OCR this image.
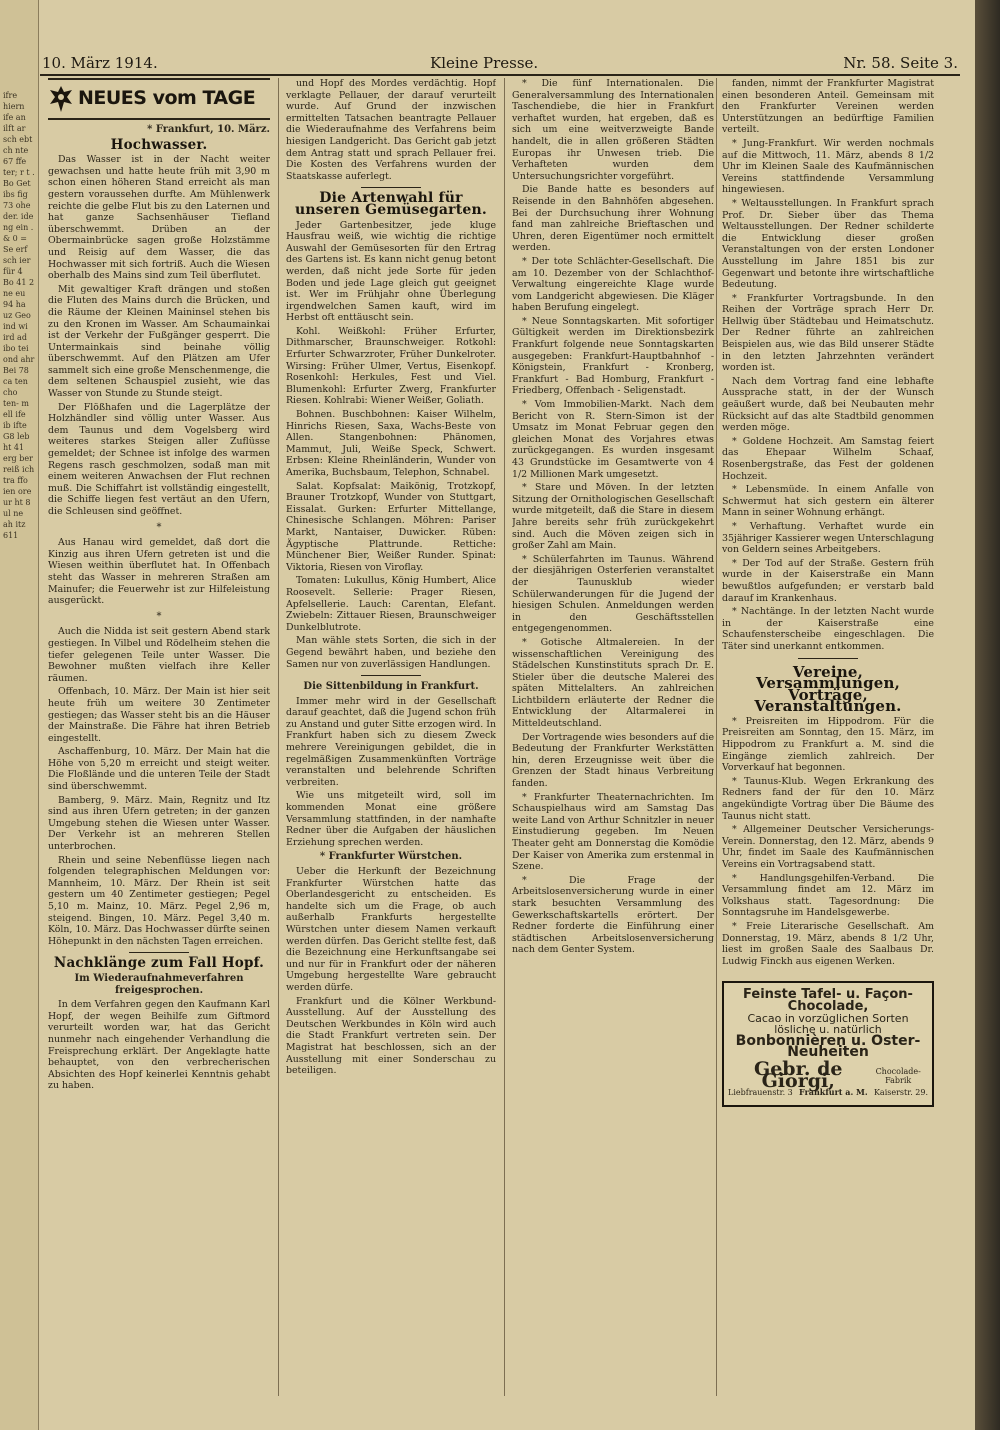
ifre hiern ife an ilft ar sch ebt ch nte 67 ffe ter; r t . Bo Get ibs fig 73 ohe der. ide ng ein . & 0 = Se erf sch ier für 4 Bo 41 2 ne eu 94 ha uz Geo ind wi ird ad ibo tei ond ahr Bei 78 ca ten cho ten- m ell ife ib ifte G8 leb ht 41 erg ber reiß ich tra ffo ien ore ur ht 8 ul ne ah itz 611
10. März 1914.	Kleine Presse.	Nr. 58. Seite 3.
NEUES vom TAGE
* Frankfurt, 10. März.
Hochwasser.

Das Wasser ist in der Nacht weiter gewachsen und hatte heute früh mit 3,90 m schon einen höheren Stand erreicht als man gestern voraussehen durfte. Am Mühlenwerk reichte die gelbe Flut bis zu den Laternen und hat ganze Sachsenhäuser Tiefland überschwemmt. Drüben an der Obermainbrücke sagen große Holzstämme und Reisig auf dem Wasser, die das Hochwasser mit sich fortriß. Auch die Wiesen oberhalb des Mains sind zum Teil überflutet.

Mit gewaltiger Kraft drängen und stoßen die Fluten des Mains durch die Brücken, und die Räume der Kleinen Maininsel stehen bis zu den Kronen im Wasser. Am Schaumainkai ist der Verkehr der Fußgänger gesperrt. Die Untermainkais sind beinahe völlig überschwemmt. Auf den Plätzen am Ufer sammelt sich eine große Menschenmenge, die dem seltenen Schauspiel zusieht, wie das Wasser von Stunde zu Stunde steigt.

Der Flößhafen und die Lagerplätze der Holzhändler sind völlig unter Wasser. Aus dem Taunus und dem Vogelsberg wird weiteres starkes Steigen aller Zuflüsse gemeldet; der Schnee ist infolge des warmen Regens rasch geschmolzen, sodaß man mit einem weiteren Anwachsen der Flut rechnen muß. Die Schiffahrt ist vollständig eingestellt, die Schiffe liegen fest vertäut an den Ufern, die Schleusen sind geöffnet.

*

Aus Hanau wird gemeldet, daß dort die Kinzig aus ihren Ufern getreten ist und die Wiesen weithin überflutet hat. In Offenbach steht das Wasser in mehreren Straßen am Mainufer; die Feuerwehr ist zur Hilfeleistung ausgerückt.

*

Auch die Nidda ist seit gestern Abend stark gestiegen. In Vilbel und Rödelheim stehen die tiefer gelegenen Teile unter Wasser. Die Bewohner mußten vielfach ihre Keller räumen.

Offenbach, 10. März. Der Main ist hier seit heute früh um weitere 30 Zentimeter gestiegen; das Wasser steht bis an die Häuser der Mainstraße. Die Fähre hat ihren Betrieb eingestellt.

Aschaffenburg, 10. März. Der Main hat die Höhe von 5,20 m erreicht und steigt weiter. Die Floßlände und die unteren Teile der Stadt sind überschwemmt.

Bamberg, 9. März. Main, Regnitz und Itz sind aus ihren Ufern getreten; in der ganzen Umgebung stehen die Wiesen unter Wasser. Der Verkehr ist an mehreren Stellen unterbrochen.

Rhein und seine Nebenflüsse liegen nach folgenden telegraphischen Meldungen vor: Mannheim, 10. März. Der Rhein ist seit gestern um 40 Zentimeter gestiegen; Pegel 5,10 m. Mainz, 10. März. Pegel 2,96 m, steigend. Bingen, 10. März. Pegel 3,40 m. Köln, 10. März. Das Hochwasser dürfte seinen Höhepunkt in den nächsten Tagen erreichen.

Nachklänge zum Fall Hopf.
Im Wiederaufnahmeverfahren freigesprochen.

In dem Verfahren gegen den Kaufmann Karl Hopf, der wegen Beihilfe zum Giftmord verurteilt worden war, hat das Gericht nunmehr nach eingehender Verhandlung die Freisprechung erklärt. Der Angeklagte hatte behauptet, von den verbrecherischen Absichten des Hopf keinerlei Kenntnis gehabt zu haben.

und Hopf des Mordes verdächtig. Hopf verklagte Pellauer, der darauf verurteilt wurde. Auf Grund der inzwischen ermittelten Tatsachen beantragte Pellauer die Wiederaufnahme des Verfahrens beim hiesigen Landgericht. Das Gericht gab jetzt dem Antrag statt und sprach Pellauer frei. Die Kosten des Verfahrens wurden der Staatskasse auferlegt.

Die Artenwahl für unseren Gemüsegarten.

Jeder Gartenbesitzer, jede kluge Hausfrau weiß, wie wichtig die richtige Auswahl der Gemüsesorten für den Ertrag des Gartens ist. Es kann nicht genug betont werden, daß nicht jede Sorte für jeden Boden und jede Lage gleich gut geeignet ist. Wer im Frühjahr ohne Überlegung irgendwelchen Samen kauft, wird im Herbst oft enttäuscht sein.

Kohl. Weißkohl: Früher Erfurter, Dithmarscher, Braunschweiger. Rotkohl: Erfurter Schwarzroter, Früher Dunkelroter. Wirsing: Früher Ulmer, Vertus, Eisenkopf. Rosenkohl: Herkules, Fest und Viel. Blumenkohl: Erfurter Zwerg, Frankfurter Riesen. Kohlrabi: Wiener Weißer, Goliath.

Bohnen. Buschbohnen: Kaiser Wilhelm, Hinrichs Riesen, Saxa, Wachs-Beste von Allen. Stangenbohnen: Phänomen, Mammut, Juli, Weiße Speck, Schwert. Erbsen: Kleine Rheinländerin, Wunder von Amerika, Buchsbaum, Telephon, Schnabel.

Salat. Kopfsalat: Maikönig, Trotzkopf, Brauner Trotzkopf, Wunder von Stuttgart, Eissalat. Gurken: Erfurter Mittellange, Chinesische Schlangen. Möhren: Pariser Markt, Nantaiser, Duwicker. Rüben: Ägyptische Plattrunde. Rettiche: Münchener Bier, Weißer Runder. Spinat: Viktoria, Riesen von Viroflay.

Tomaten: Lukullus, König Humbert, Alice Roosevelt. Sellerie: Prager Riesen, Apfelsellerie. Lauch: Carentan, Elefant. Zwiebeln: Zittauer Riesen, Braunschweiger Dunkelblutrote.

Man wähle stets Sorten, die sich in der Gegend bewährt haben, und beziehe den Samen nur von zuverlässigen Handlungen.

Die Sittenbildung in Frankfurt.

Immer mehr wird in der Gesellschaft darauf geachtet, daß die Jugend schon früh zu Anstand und guter Sitte erzogen wird. In Frankfurt haben sich zu diesem Zweck mehrere Vereinigungen gebildet, die in regelmäßigen Zusammenkünften Vorträge veranstalten und belehrende Schriften verbreiten.

Wie uns mitgeteilt wird, soll im kommenden Monat eine größere Versammlung stattfinden, in der namhafte Redner über die Aufgaben der häuslichen Erziehung sprechen werden.

* Frankfurter Würstchen.

Ueber die Herkunft der Bezeichnung Frankfurter Würstchen hatte das Oberlandesgericht zu entscheiden. Es handelte sich um die Frage, ob auch außerhalb Frankfurts hergestellte Würstchen unter diesem Namen verkauft werden dürfen. Das Gericht stellte fest, daß die Bezeichnung eine Herkunftsangabe sei und nur für in Frankfurt oder der näheren Umgebung hergestellte Ware gebraucht werden dürfe.

Frankfurt und die Kölner Werkbund-Ausstellung. Auf der Ausstellung des Deutschen Werkbundes in Köln wird auch die Stadt Frankfurt vertreten sein. Der Magistrat hat beschlossen, sich an der Ausstellung mit einer Sonderschau zu beteiligen.

* Die fünf Internationalen. Die Generalversammlung des Internationalen Taschendiebe, die hier in Frankfurt verhaftet wurden, hat ergeben, daß es sich um eine weitverzweigte Bande handelt, die in allen größeren Städten Europas ihr Unwesen trieb. Die Verhafteten wurden dem Untersuchungsrichter vorgeführt.

Die Bande hatte es besonders auf Reisende in den Bahnhöfen abgesehen. Bei der Durchsuchung ihrer Wohnung fand man zahlreiche Brieftaschen und Uhren, deren Eigentümer noch ermittelt werden.

* Der tote Schlächter-Gesellschaft. Die am 10. Dezember von der Schlachthof-Verwaltung eingereichte Klage wurde vom Landgericht abgewiesen. Die Kläger haben Berufung eingelegt.

* Neue Sonntagskarten. Mit sofortiger Gültigkeit werden im Direktionsbezirk Frankfurt folgende neue Sonntagskarten ausgegeben: Frankfurt-Hauptbahnhof - Königstein, Frankfurt - Kronberg, Frankfurt - Bad Homburg, Frankfurt - Friedberg, Offenbach - Seligenstadt.

* Vom Immobilien-Markt. Nach dem Bericht von R. Stern-Simon ist der Umsatz im Monat Februar gegen den gleichen Monat des Vorjahres etwas zurückgegangen. Es wurden insgesamt 43 Grundstücke im Gesamtwerte von 4 1/2 Millionen Mark umgesetzt.

* Stare und Möven. In der letzten Sitzung der Ornithologischen Gesellschaft wurde mitgeteilt, daß die Stare in diesem Jahre bereits sehr früh zurückgekehrt sind. Auch die Möven zeigen sich in großer Zahl am Main.

* Schülerfahrten im Taunus. Während der diesjährigen Osterferien veranstaltet der Taunusklub wieder Schülerwanderungen für die Jugend der hiesigen Schulen. Anmeldungen werden in den Geschäftsstellen entgegengenommen.

* Gotische Altmalereien. In der wissenschaftlichen Vereinigung des Städelschen Kunstinstituts sprach Dr. E. Stieler über die deutsche Malerei des späten Mittelalters. An zahlreichen Lichtbildern erläuterte der Redner die Entwicklung der Altarmalerei in Mitteldeutschland.

Der Vortragende wies besonders auf die Bedeutung der Frankfurter Werkstätten hin, deren Erzeugnisse weit über die Grenzen der Stadt hinaus Verbreitung fanden.

* Frankfurter Theaternachrichten. Im Schauspielhaus wird am Samstag Das weite Land von Arthur Schnitzler in neuer Einstudierung gegeben. Im Neuen Theater geht am Donnerstag die Komödie Der Kaiser von Amerika zum erstenmal in Szene.

* Die Frage der Arbeitslosenversicherung wurde in einer stark besuchten Versammlung des Gewerkschaftskartells erörtert. Der Redner forderte die Einführung einer städtischen Arbeitslosenversicherung nach dem Genter System.

fanden, nimmt der Frankfurter Magistrat einen besonderen Anteil. Gemeinsam mit den Frankfurter Vereinen werden Unterstützungen an bedürftige Familien verteilt.

* Jung-Frankfurt. Wir werden nochmals auf die Mittwoch, 11. März, abends 8 1/2 Uhr im Kleinen Saale des Kaufmännischen Vereins stattfindende Versammlung hingewiesen.

* Weltausstellungen. In Frankfurt sprach Prof. Dr. Sieber über das Thema Weltausstellungen. Der Redner schilderte die Entwicklung dieser großen Veranstaltungen von der ersten Londoner Ausstellung im Jahre 1851 bis zur Gegenwart und betonte ihre wirtschaftliche Bedeutung.

* Frankfurter Vortragsbunde. In den Reihen der Vorträge sprach Herr Dr. Hellwig über Städtebau und Heimatschutz. Der Redner führte an zahlreichen Beispielen aus, wie das Bild unserer Städte in den letzten Jahrzehnten verändert worden ist.

Nach dem Vortrag fand eine lebhafte Aussprache statt, in der der Wunsch geäußert wurde, daß bei Neubauten mehr Rücksicht auf das alte Stadtbild genommen werden möge.

* Goldene Hochzeit. Am Samstag feiert das Ehepaar Wilhelm Schaaf, Rosenbergstraße, das Fest der goldenen Hochzeit.

* Lebensmüde. In einem Anfalle von Schwermut hat sich gestern ein älterer Mann in seiner Wohnung erhängt.

* Verhaftung. Verhaftet wurde ein 35jähriger Kassierer wegen Unterschlagung von Geldern seines Arbeitgebers.

* Der Tod auf der Straße. Gestern früh wurde in der Kaiserstraße ein Mann bewußtlos aufgefunden; er verstarb bald darauf im Krankenhaus.

* Nachtänge. In der letzten Nacht wurde in der Kaiserstraße eine Schaufensterscheibe eingeschlagen. Die Täter sind unerkannt entkommen.

Vereine, Versammlungen, Vorträge, Veranstaltungen.

* Preisreiten im Hippodrom. Für die Preisreiten am Sonntag, den 15. März, im Hippodrom zu Frankfurt a. M. sind die Eingänge ziemlich zahlreich. Der Vorverkauf hat begonnen.

* Taunus-Klub. Wegen Erkrankung des Redners fand der für den 10. März angekündigte Vortrag über Die Bäume des Taunus nicht statt.

* Allgemeiner Deutscher Versicherungs-Verein. Donnerstag, den 12. März, abends 9 Uhr, findet im Saale des Kaufmännischen Vereins ein Vortragsabend statt.

* Handlungsgehilfen-Verband. Die Versammlung findet am 12. März im Volkshaus statt. Tagesordnung: Die Sonntagsruhe im Handelsgewerbe.

* Freie Literarische Gesellschaft. Am Donnerstag, 19. März, abends 8 1/2 Uhr, liest im großen Saale des Saalbaus Dr. Ludwig Finckh aus eigenen Werken.

Feinste Tafel- u. Façon-Chocolade,
Cacao in vorzüglichen Sorten lösliche u. natürlich
Bonbonnièren u. Oster-Neuheiten
Gebr. de Giorgi,	Chocolade-Fabrik
Liebfrauenstr. 3 Frankfurt a. M. Kaiserstr. 29.
